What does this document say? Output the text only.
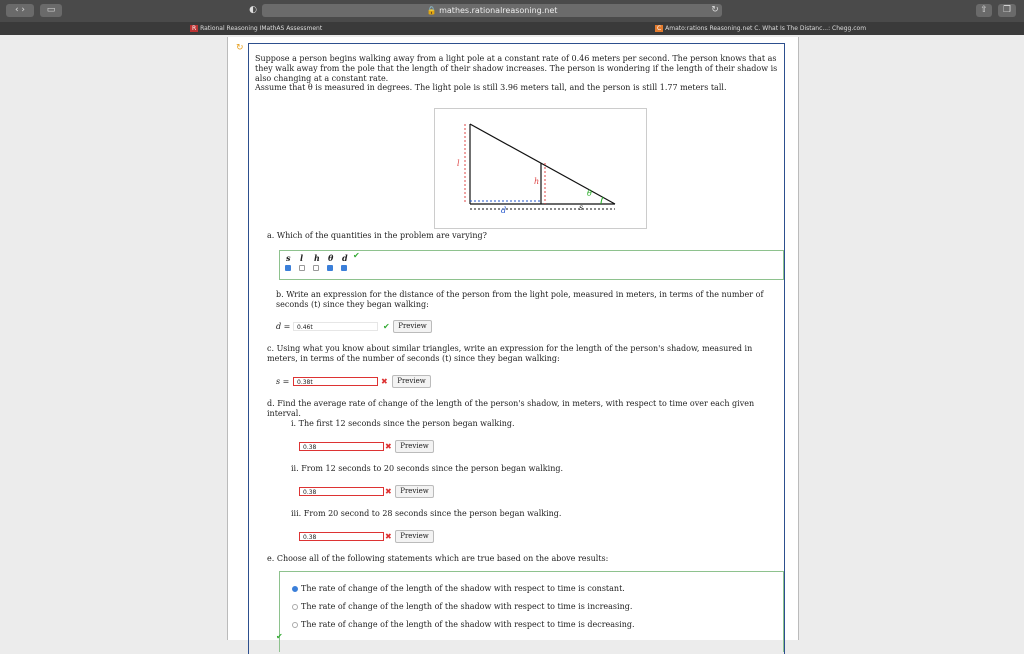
‹ ›	▭	◐	🔒 mathes.rationalreasoning.net	↻	⇧	❐
R Rational Reasoning IMathAS Assessment	C Amato:rations Reasoning.net C. What Is The Distanc...: Chegg.com
↻
Suppose a person begins walking away from a light pole at a constant rate of 0.46 meters per second. The person knows that as they walk away from the pole that the length of their shadow increases. The person is wondering if the length of their shadow is also changing at a constant rate.
Assume that θ is measured in degrees. The light pole is still 3.96 meters tall, and the person is still 1.77 meters tall.
l
h
θ
d	s
a. Which of the quantities in the problem are varying?
s l h θ d ✔
b. Write an expression for the distance of the person from the light pole, measured in meters, in terms of the number of seconds (t) since they began walking:
d =	0.46t	✔	Preview
c. Using what you know about similar triangles, write an expression for the length of the person's shadow, measured in meters, in terms of the number of seconds (t) since they began walking:
s =	0.38t	✖	Preview
d. Find the average rate of change of the length of the person's shadow, in meters, with respect to time over each given interval.
i. The first 12 seconds since the person began walking.
0.38	✖	Preview
ii. From 12 seconds to 20 seconds since the person began walking.
0.38	✖	Preview
iii. From 20 second to 28 seconds since the person began walking.
0.38	✖	Preview
e. Choose all of the following statements which are true based on the above results:
The rate of change of the length of the shadow with respect to time is constant.
The rate of change of the length of the shadow with respect to time is increasing.
The rate of change of the length of the shadow with respect to time is decreasing.
✔
